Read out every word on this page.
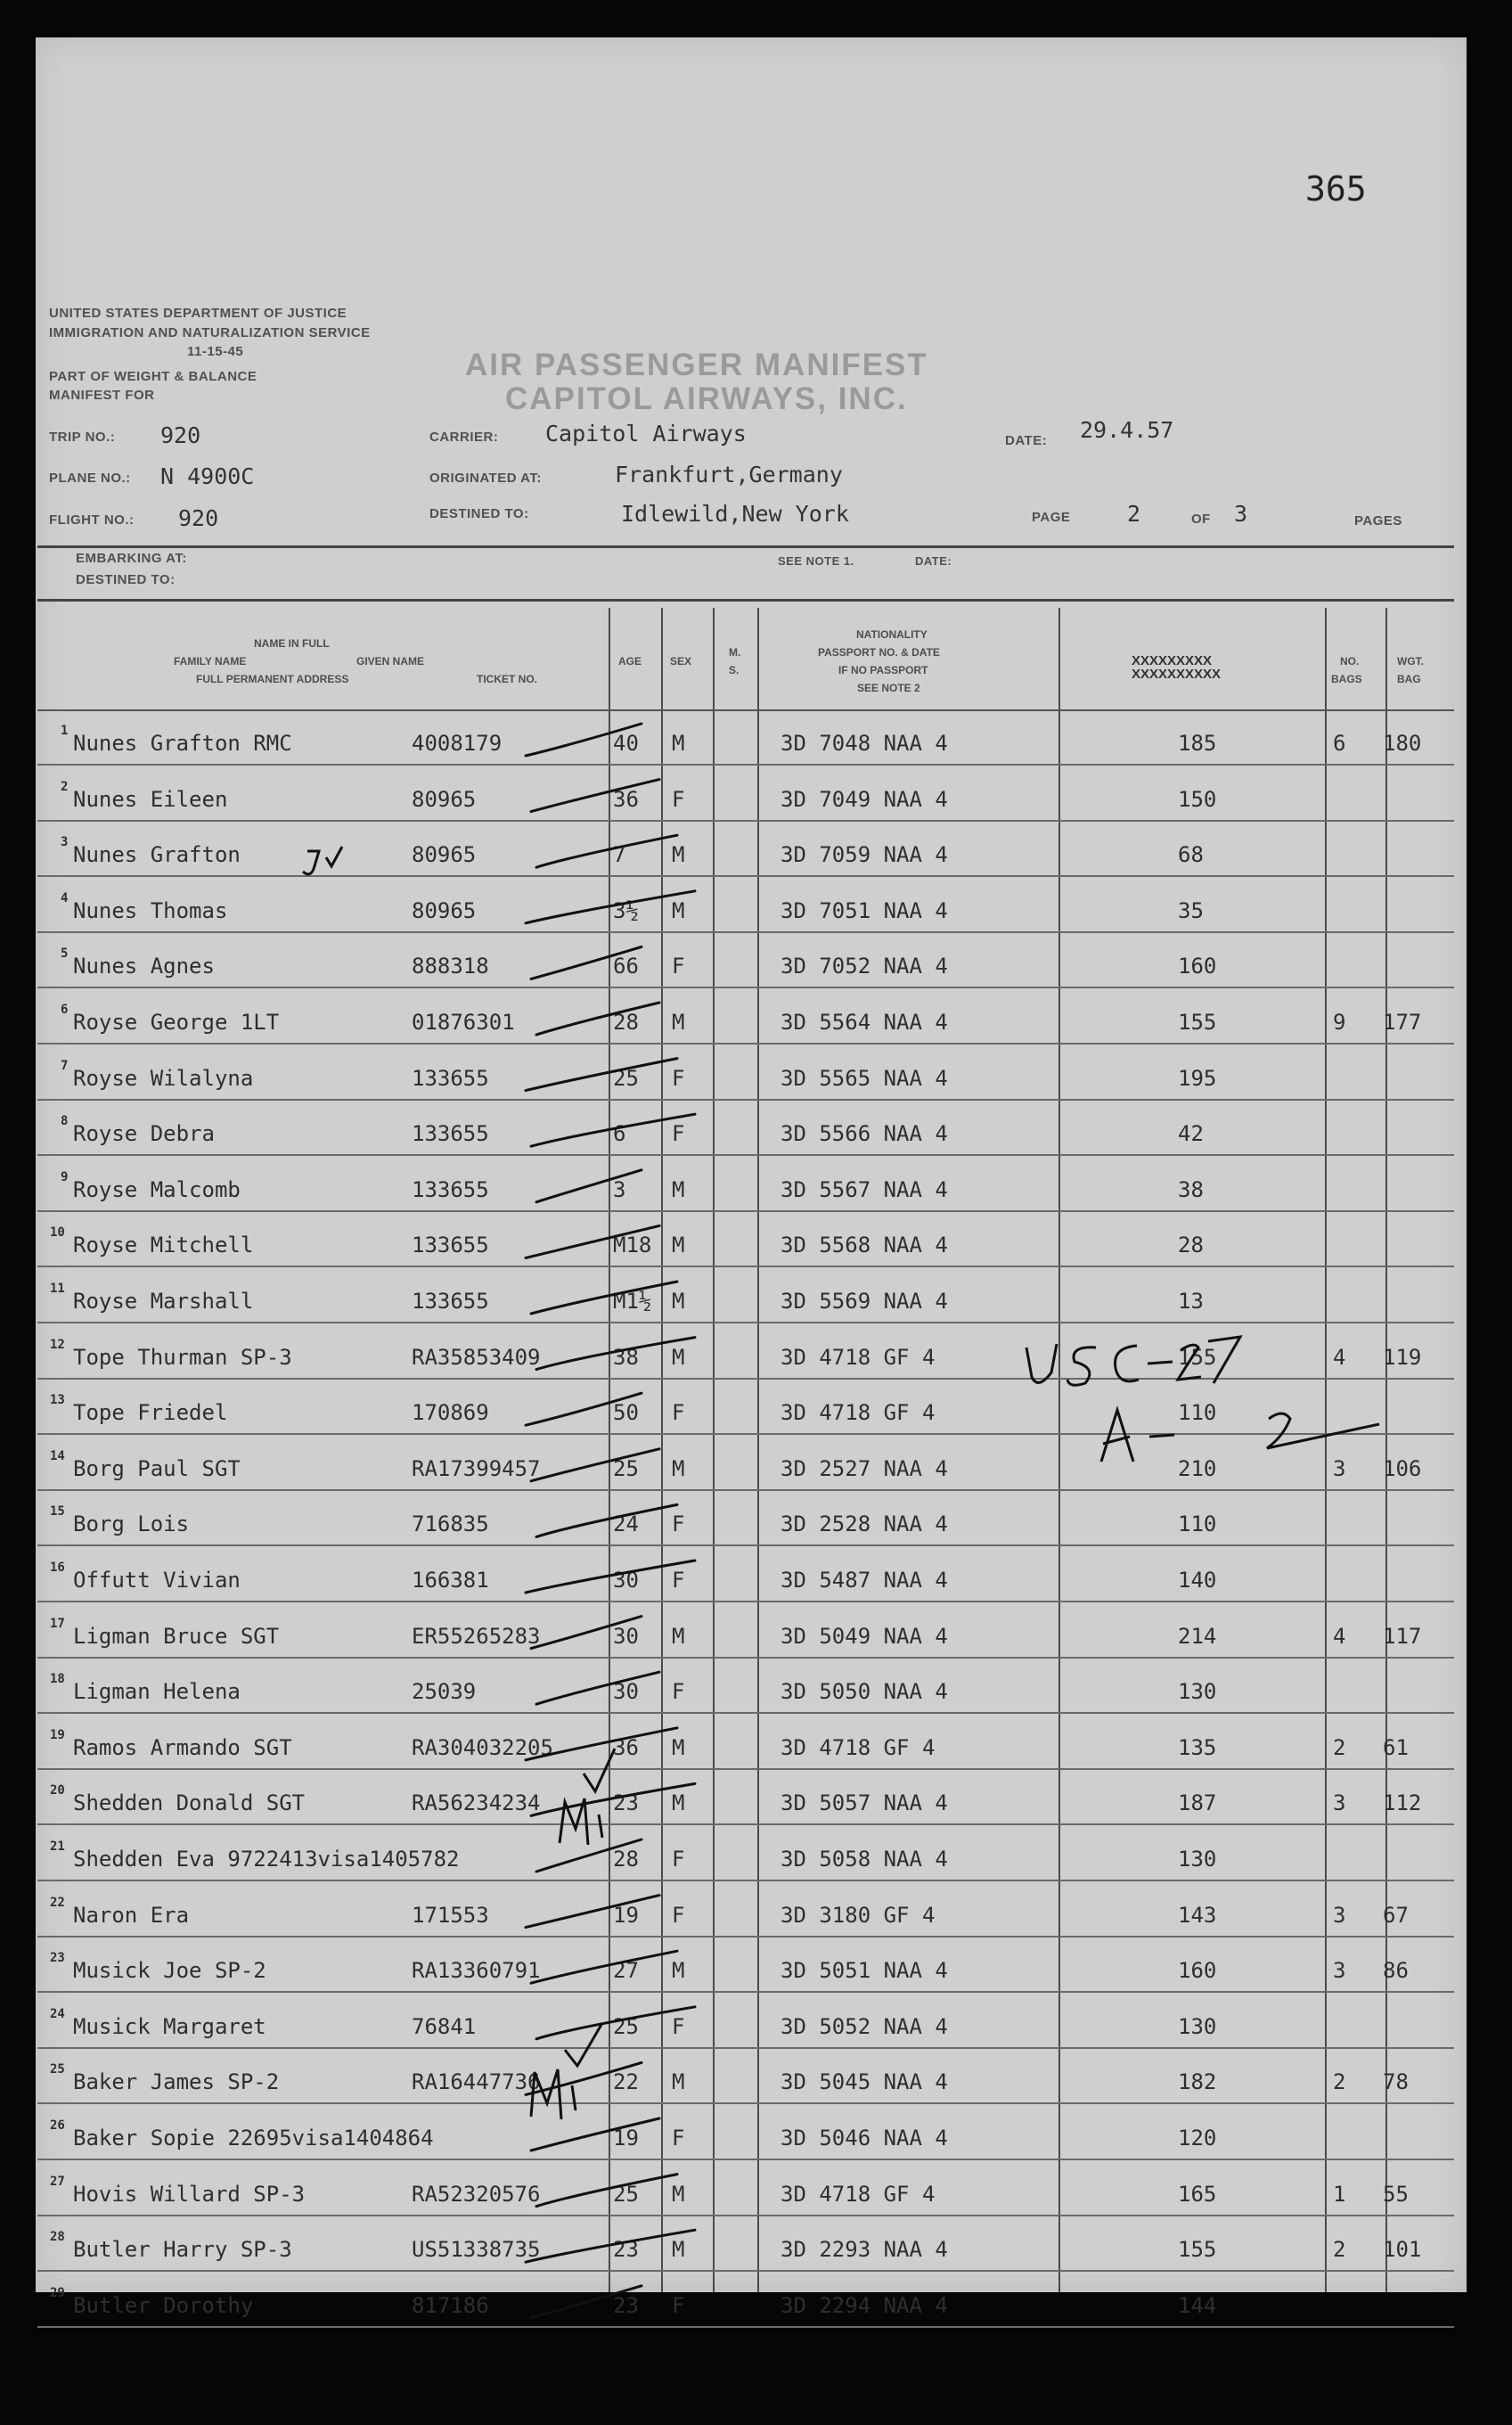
365
UNITED STATES DEPARTMENT OF JUSTICE
IMMIGRATION AND NATURALIZATION SERVICE
11-15-45
PART OF WEIGHT & BALANCE
MANIFEST FOR
AIR PASSENGER MANIFEST
CAPITOL AIRWAYS, INC.
TRIP NO.: 920
PLANE NO.: N 4900C
FLIGHT NO.: 920
CARRIER: Capitol Airways
ORIGINATED AT:	Frankfurt,Germany
DESTINED TO:	Idlewild,New York
DATE: 29.4.57
PAGE	2	OF 3	PAGES
EMBARKING AT:
DESTINED TO:
SEE NOTE 1.	DATE:
NAME IN FULL
FAMILY NAME	GIVEN NAME
FULL PERMANENT ADDRESS	TICKET NO.
AGE	SEX
M.
S.
NATIONALITY
PASSPORT NO. & DATE
IF NO PASSPORT
SEE NOTE 2
XXXXXXXXX
XXXXXXXXXX
NO.
BAGS
WGT.
BAG
1 Nunes Grafton RMC	4008179	40 M	3D 7048 NAA 4	185	6 180
2 Nunes Eileen	80965	36 F	3D 7049 NAA 4	150
3 Nunes Grafton	80965	7 M	3D 7059 NAA 4	68
4 Nunes Thomas	80965	3½ M	3D 7051 NAA 4	35
5 Nunes Agnes	888318	66 F	3D 7052 NAA 4	160
6 Royse George 1LT	01876301	28 M	3D 5564 NAA 4	155	9 177
7 Royse Wilalyna	133655	25 F	3D 5565 NAA 4	195
8 Royse Debra	133655	6 F	3D 5566 NAA 4	42
9 Royse Malcomb	133655	3 M	3D 5567 NAA 4	38
10 Royse Mitchell	133655	M18 M	3D 5568 NAA 4	28
11 Royse Marshall	133655	M1½ M	3D 5569 NAA 4	13
12 Tope Thurman SP-3	RA35853409	38 M	3D 4718 GF 4	155	4 119
13 Tope Friedel	170869	50 F	3D 4718 GF 4	110
14 Borg Paul SGT	RA17399457	25 M	3D 2527 NAA 4	210	3 106
15 Borg Lois	716835	24 F	3D 2528 NAA 4	110
16 Offutt Vivian	166381	30 F	3D 5487 NAA 4	140
17 Ligman Bruce SGT	ER55265283	30 M	3D 5049 NAA 4	214	4 117
18 Ligman Helena	25039	30 F	3D 5050 NAA 4	130
19 Ramos Armando SGT	RA304032205	36 M	3D 4718 GF 4	135	2 61
20 Shedden Donald SGT	RA56234234	23 M	3D 5057 NAA 4	187	3 112
21 Shedden Eva 9722413visa1405782	28 F	3D 5058 NAA 4	130
22 Naron Era	171553	19 F	3D 3180 GF 4	143	3 67
23 Musick Joe SP-2	RA13360791	27 M	3D 5051 NAA 4	160	3 86
24 Musick Margaret	76841	25 F	3D 5052 NAA 4	130
25 Baker James SP-2	RA16447736	22 M	3D 5045 NAA 4	182	2 78
26 Baker Sopie 22695visa1404864	19 F	3D 5046 NAA 4	120
27 Hovis Willard SP-3	RA52320576	25 M	3D 4718 GF 4	165	1 55
28 Butler Harry SP-3	US51338735	23 M	3D 2293 NAA 4	155	2 101
29 Butler Dorothy	817186	23 F	3D 2294 NAA 4	144
